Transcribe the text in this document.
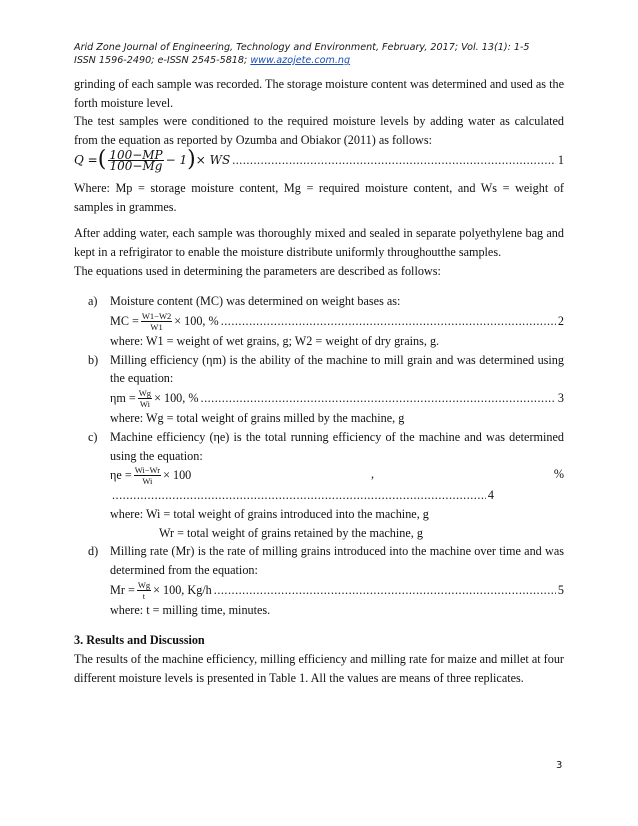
Arid Zone Journal of Engineering, Technology and Environment, February, 2017; Vol. 13(1): 1-5
ISSN 1596-2490; e-ISSN 2545-5818; www.azojete.com.ng

grinding of each sample was recorded. The storage moisture content was determined and used as the forth moisture level.

The test samples were conditioned to the required moisture levels by adding water as calculated from the equation as reported by Ozumba and Obiakor (2011) as follows:

Q = ( $\frac{100-MP}{100-Mg} - 1$ ) × WS .....	1

Where: Mp = storage moisture content, Mg = required moisture content, and Ws = weight of samples in grammes.

After adding water, each sample was thoroughly mixed and sealed in separate polyethylene bag and kept in a refrigirator to enable the moisture distribute uniformly throughoutthe samples.

The equations used in determining the parameters are described as follows:

a) Moisture content (MC) was determined on weight bases as:
MC = $\frac{W1-W2}{W1} \times 100$, % .....	2
where: W1 = weight of wet grains, g; W2 = weight of dry grains, g.
b) Milling efficiency (ηm) is the ability of the machine to mill grain and was determined using the equation:
$\eta m = \frac{Wg}{Wi} \times 100$, % .....	3
where: Wg = total weight of grains milled by the machine, g
c) Machine efficiency (ηe) is the total running efficiency of the machine and was determined using the equation:
$\eta e = \frac{Wi-Wr}{Wi} \times 100$	,	%
.....
4
where: Wi = total weight of grains introduced into the machine, g
Wr = total weight of grains retained by the machine, g
d) Milling rate (Mr) is the rate of milling grains introduced into the machine over time and was determined from the equation:
$Mr = \frac{Wg}{t} \times 100$, Kg/h .....	5
where: t = milling time, minutes.

3. Results and Discussion

The results of the machine efficiency, milling efficiency and milling rate for maize and millet at four different moisture levels is presented in Table 1. All the values are means of three replicates.

3
